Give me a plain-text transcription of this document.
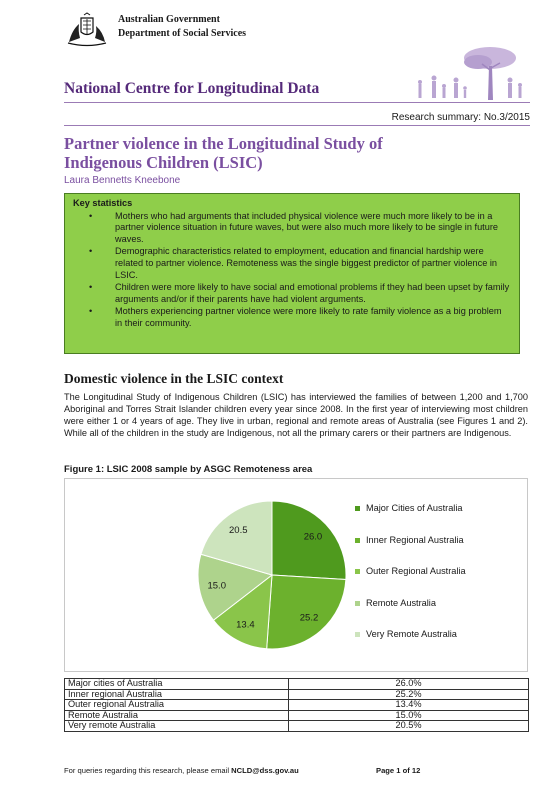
Australian Government
Department of Social Services
National Centre for Longitudinal Data
Research summary: No.3/2015
Partner violence in the Longitudinal Study of Indigenous Children (LSIC)
Laura Bennetts Kneebone
Key statistics
• Mothers who had arguments that included physical violence were much more likely to be in a partner violence situation in future waves, but were also much more likely to be single in future waves.
• Demographic characteristics related to employment, education and financial hardship were related to partner violence. Remoteness was the single biggest predictor of partner violence in LSIC.
• Children were more likely to have social and emotional problems if they had been upset by family arguments and/or if their parents have had violent arguments.
• Mothers experiencing partner violence were more likely to rate family violence as a big problem in their community.
Domestic violence in the LSIC context
The Longitudinal Study of Indigenous Children (LSIC) has interviewed the families of between 1,200 and 1,700 Aboriginal and Torres Strait Islander children every year since 2008. In the first year of interviewing most children were either 1 or 4 years of age. They live in urban, regional and remote areas of Australia (see Figures 1 and 2). While all of the children in the study are Indigenous, not all the primary carers or their partners are Indigenous.
Figure 1: LSIC 2008 sample by ASGC Remoteness area
26.0
25.2
13.4
15.0
20.5
Major Cities of Australia
Inner Regional Australia
Outer Regional Australia
Remote Australia
Very Remote Australia
Major cities of Australia	26.0%
Inner regional Australia	25.2%
Outer regional Australia	13.4%
Remote Australia	15.0%
Very remote Australia	20.5%
For queries regarding this research, please email NCLD@dss.gov.au	Page 1 of 12
